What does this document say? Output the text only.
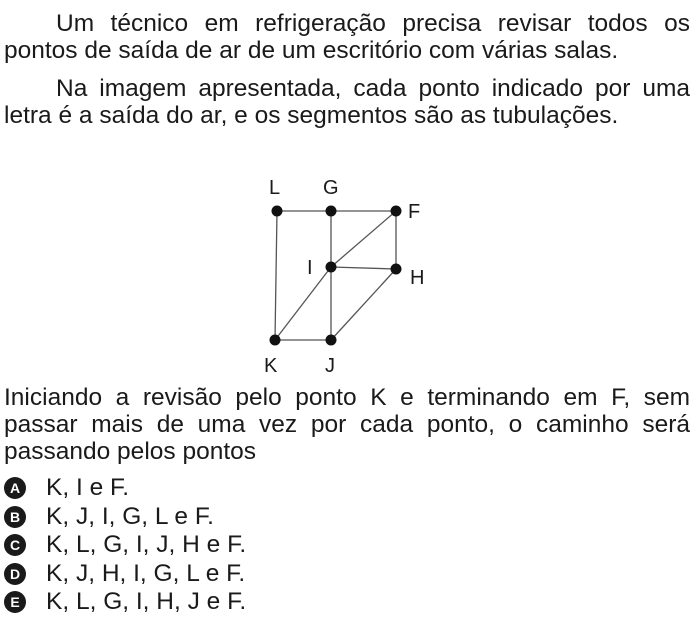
Um técnico em refrigeração precisa revisar todos os pontos de saída de ar de um escritório com várias salas.

Na imagem apresentada, cada ponto indicado por uma letra é a saída do ar, e os segmentos são as tubulações.

L G
F
I	H
K J

Iniciando a revisão pelo ponto K e terminando em F, sem passar mais de uma vez por cada ponto, o caminho será passando pelos pontos

A K, I e F.
B K, J, I, G, L e F.
C K, L, G, I, J, H e F.
D K, J, H, I, G, L e F.
E K, L, G, I, H, J e F.
